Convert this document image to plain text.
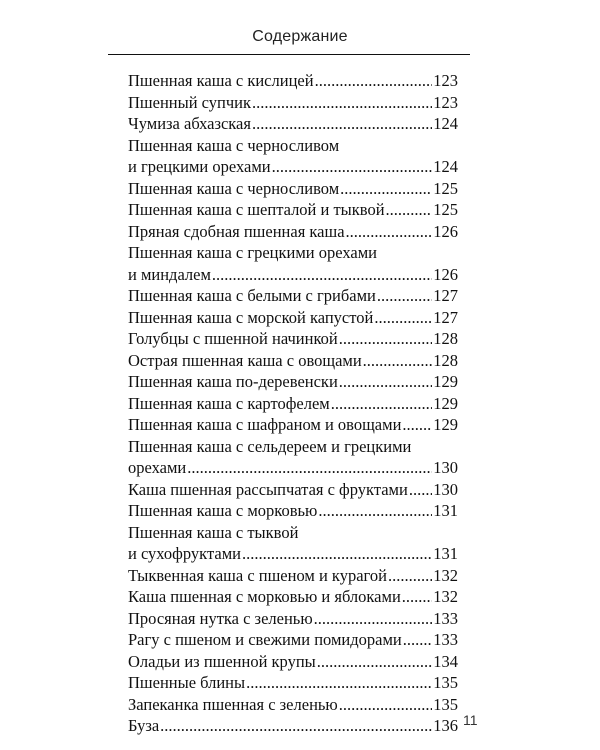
Содержание
Пшенная каша с кислицей .....	123
Пшенный супчик .....	123
Чумиза абхазская .....	124
Пшенная каша с черносливом
и грецкими орехами .....	124
Пшенная каша с черносливом .....	125
Пшенная каша с шепталой и тыквой .....	125
Пряная сдобная пшенная каша .....	126
Пшенная каша с грецкими орехами
и миндалем .....	126
Пшенная каша с белыми с грибами .....	127
Пшенная каша с морской капустой .....	127
Голубцы с пшенной начинкой .....	128
Острая пшенная каша с овощами .....	128
Пшенная каша по-деревенски .....	129
Пшенная каша с картофелем .....	129
Пшенная каша с шафраном и овощами ..... 129
Пшенная каша с сельдереем и грецкими
орехами .....	130
Каша пшенная рассыпчатая с фруктами ..... 130
Пшенная каша с морковью .....	131
Пшенная каша с тыквой
и сухофруктами .....	131
Тыквенная каша с пшеном и курагой .....	132
Каша пшенная с морковью и яблоками ..... 132
Просяная нутка с зеленью .....	133
Рагу с пшеном и свежими помидорами ..... 133
Оладьи из пшенной крупы .....	134
Пшенные блины .....	135
Запеканка пшенная с зеленью .....	135
Буза .....	136 11
